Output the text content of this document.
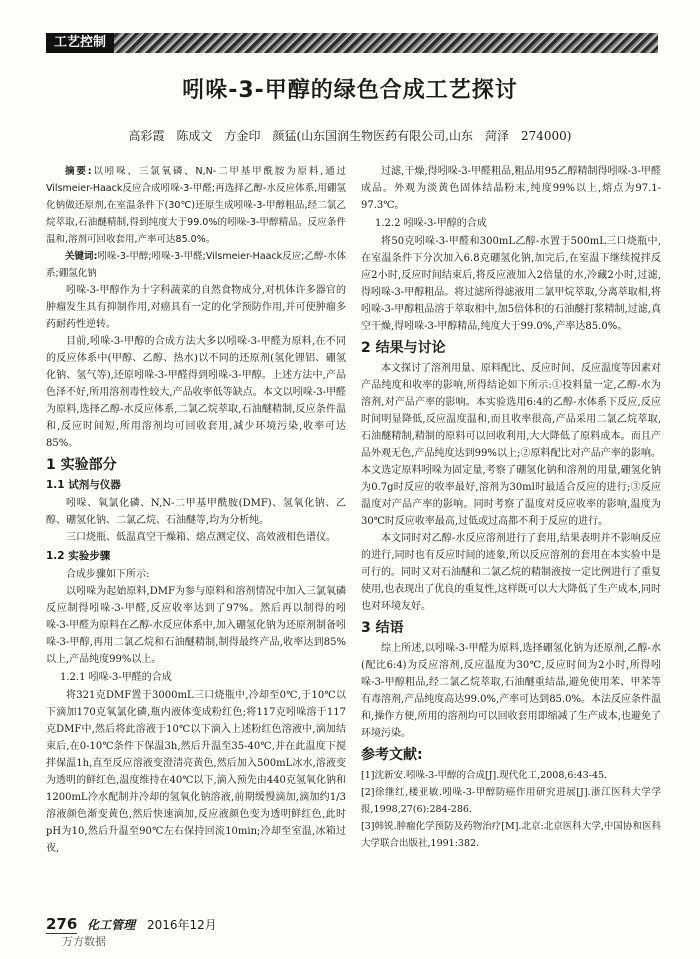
工艺控制
吲哚-3-甲醇的绿色合成工艺探讨
高彩霞　陈成文　方金印　颜猛(山东国润生物医药有限公司,山东　菏泽　274000)

摘要:以吲哚、三氯氧磷、N,N-二甲基甲酰胺为原料,通过Vilsmeier-Haack反应合成吲哚-3-甲醛;再选择乙醇-水反应体系,用硼氢化钠做还原剂,在室温条件下(30℃)还原生成吲哚-3-甲醇粗品,经二氯乙烷萃取,石油醚精制,得到纯度大于99.0%的吲哚-3-甲醇精品。反应条件温和,溶剂可回收套用,产率可达85.0%。

关键词:吲哚-3-甲醇;吲哚-3-甲醛;Vilsmeier-Haack反应;乙醇-水体系;硼氢化钠

吲哚-3-甲醇作为十字科蔬菜的自然食物成分,对机体许多器官的肿瘤发生具有抑制作用,对癌具有一定的化学预防作用,并可使肿瘤多药耐药性逆转。

目前,吲哚-3-甲醇的合成方法大多以吲哚-3-甲醛为原料,在不同的反应体系中(甲醇、乙醇、热水)以不同的还原剂(氢化锂铝、硼氢化钠、氢气等),还原吲哚-3-甲醛得到吲哚-3-甲醇。上述方法中,产品色泽不好,所用溶剂毒性较大,产品收率低等缺点。本文以吲哚-3-甲醛为原料,选择乙醇-水反应体系,二氯乙烷萃取,石油醚精制,反应条件温和,反应时间短,所用溶剂均可回收套用,减少环境污染,收率可达85%。

1 实验部分
1.1 试剂与仪器

吲哚、氧氯化磷、N,N-二甲基甲酰胺(DMF)、氢氧化钠、乙醇、硼氢化钠、二氯乙烷、石油醚等,均为分析纯。

三口烧瓶、低温真空干燥箱、熔点测定仪、高效液相色谱仪。

1.2 实验步骤

合成步骤如下所示:

以吲哚为起始原料,DMF为参与原料和溶剂情况中加入三氯氧磷反应制得吲哚-3-甲醛,反应收率达到了97%。然后再以制得的吲哚-3-甲醛为原料在乙醇-水反应体系中,加入硼氢化钠为还原剂制备吲哚-3-甲醇,再用二氯乙烷和石油醚精制,制得最终产品,收率达到85%以上,产品纯度99%以上。

1.2.1 吲哚-3-甲醛的合成

将321克DMF置于3000mL三口烧瓶中,冷却至0℃,于10℃以下滴加170克氧氯化磷,瓶内液体变成粉红色;将117克吲哚溶于117克DMF中,然后将此溶液于10℃以下滴入上述粉红色溶液中,滴加结束后,在0-10℃条件下保温3h,然后升温至35-40℃,并在此温度下搅拌保温1h,直至反应溶液变澄清亮黄色,然后加入500mL冰水,溶液变为透明的鲜红色,温度维持在40℃以下,滴入预先由440克氢氧化钠和1200mL冷水配制并冷却的氢氧化钠溶液,前期缓慢滴加,滴加约1/3溶液颜色渐变黄色,然后快速滴加,反应液颜色变为透明鲜红色,此时pH为10,然后升温至90℃左右保持回流10min;冷却至室温,冰箱过夜,

过滤,干燥,得吲哚-3-甲醛粗品,粗品用95乙醇精制得吲哚-3-甲醛成品。外观为淡黄色固体结晶粉末,纯度99%以上,熔点为97.1-97.3℃。

1.2.2 吲哚-3-甲醇的合成

将50克吲哚-3-甲醛和300mL乙醇-水置于500mL三口烧瓶中,在室温条件下分次加入6.8克硼氢化钠,加完后,在室温下继续搅拌反应2小时,反应时间结束后,将反应液加入2倍量的水,冷藏2小时,过滤,得吲哚-3-甲醇粗品。将过滤所得滤液用二氯甲烷萃取,分离萃取相,将吲哚-3-甲醇粗品溶于萃取相中,加5倍体积的石油醚打浆精制,过滤,真空干燥,得吲哚-3-甲醇精品,纯度大于99.0%,产率达85.0%。

2 结果与讨论

本文探讨了溶剂用量、原料配比、反应时间、反应温度等因素对产品纯度和收率的影响,所得结论如下所示:①投料量一定,乙醇-水为溶剂,对产品产率的影响。本实验选用6:4的乙醇-水体系下反应,反应时间明显降低,反应温度温和,而且收率很高,产品采用二氯乙烷萃取,石油醚精制,精制的原料可以回收利用,大大降低了原料成本。而且产品外观无色,产品纯度达到99%以上;②原料配比对产品产率的影响。本文选定原料吲哚为固定量,考察了硼氢化钠和溶剂的用量,硼氢化钠为0.7g时反应的收率最好,溶剂为30ml时最适合反应的进行;③反应温度对产品产率的影响。同时考察了温度对反应收率的影响,温度为30℃时反应收率最高,过低或过高都不利于反应的进行。

本文同时对乙醇-水反应溶剂进行了套用,结果表明并不影响反应的进行,同时也有反应时间的迹象,所以反应溶剂的套用在本实验中是可行的。同时又对石油醚和二氯乙烷的精制液按一定比例进行了重复使用,也表现出了优良的重复性,这样既可以大大降低了生产成本,同时也对环境友好。

3 结语

综上所述,以吲哚-3-甲醛为原料,选择硼氢化钠为还原剂,乙醇-水(配比6:4)为反应溶剂,反应温度为30℃,反应时间为2小时,所得吲哚-3-甲醇粗品,经二氯乙烷萃取,石油醚重结晶,避免使用苯、甲苯等有毒溶剂,产品纯度高达99.0%,产率可达到85.0%。本法反应条件温和,操作方便,所用的溶剂均可以回收套用即缩减了生产成本,也避免了环境污染。

参考文献:

[1]沈新安.吲哚-3-甲醇的合成[J].现代化工,2008,6:43-45.

[2]徐继红,楼亚敏.吲哚-3-甲醇防癌作用研究进展[J].浙江医科大学学报,1998,27(6):284-286.

[3]韩锐.肿瘤化学预防及药物治疗[M].北京:北京医科大学,中国协和医科大学联合出版社,1991:382.

276 化工管理 2016年12月
万方数据
